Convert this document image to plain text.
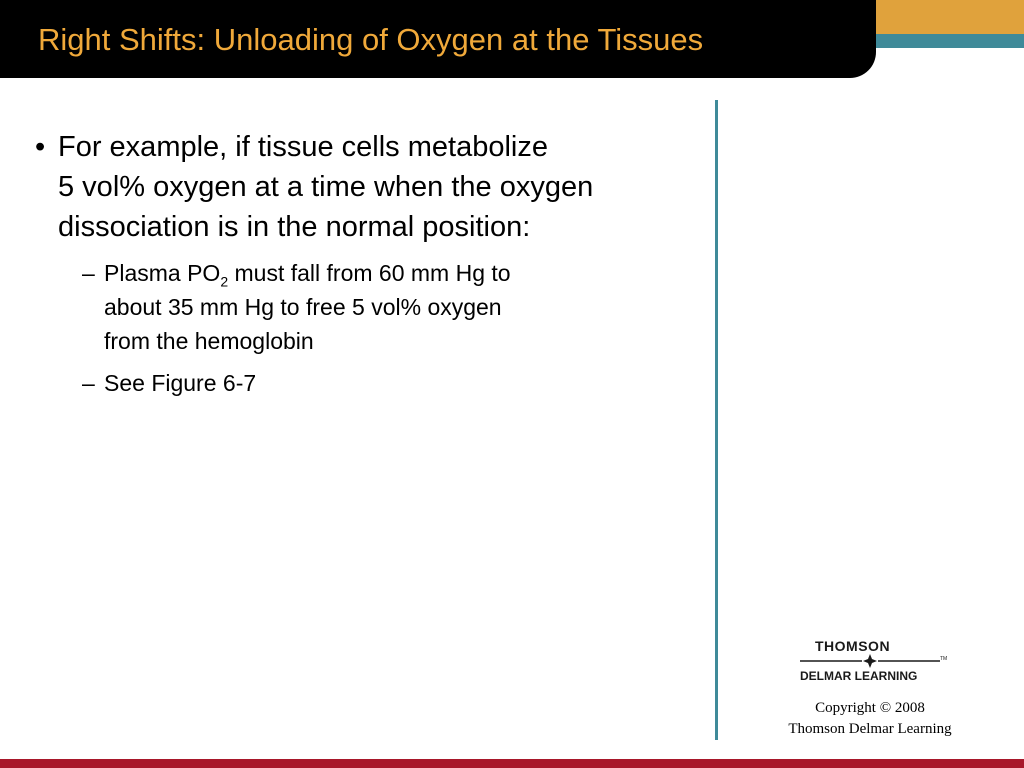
Right Shifts: Unloading of Oxygen at the Tissues
• For example, if tissue cells metabolize
5 vol% oxygen at a time when the oxygen
dissociation is in the normal position:
– Plasma $PO_2$ must fall from 60 mm Hg to
about 35 mm Hg to free 5 vol% oxygen
from the hemoglobin
– See Figure 6-7
THOMSON
TM
DELMAR LEARNING
Copyright © 2008
Thomson Delmar Learning
